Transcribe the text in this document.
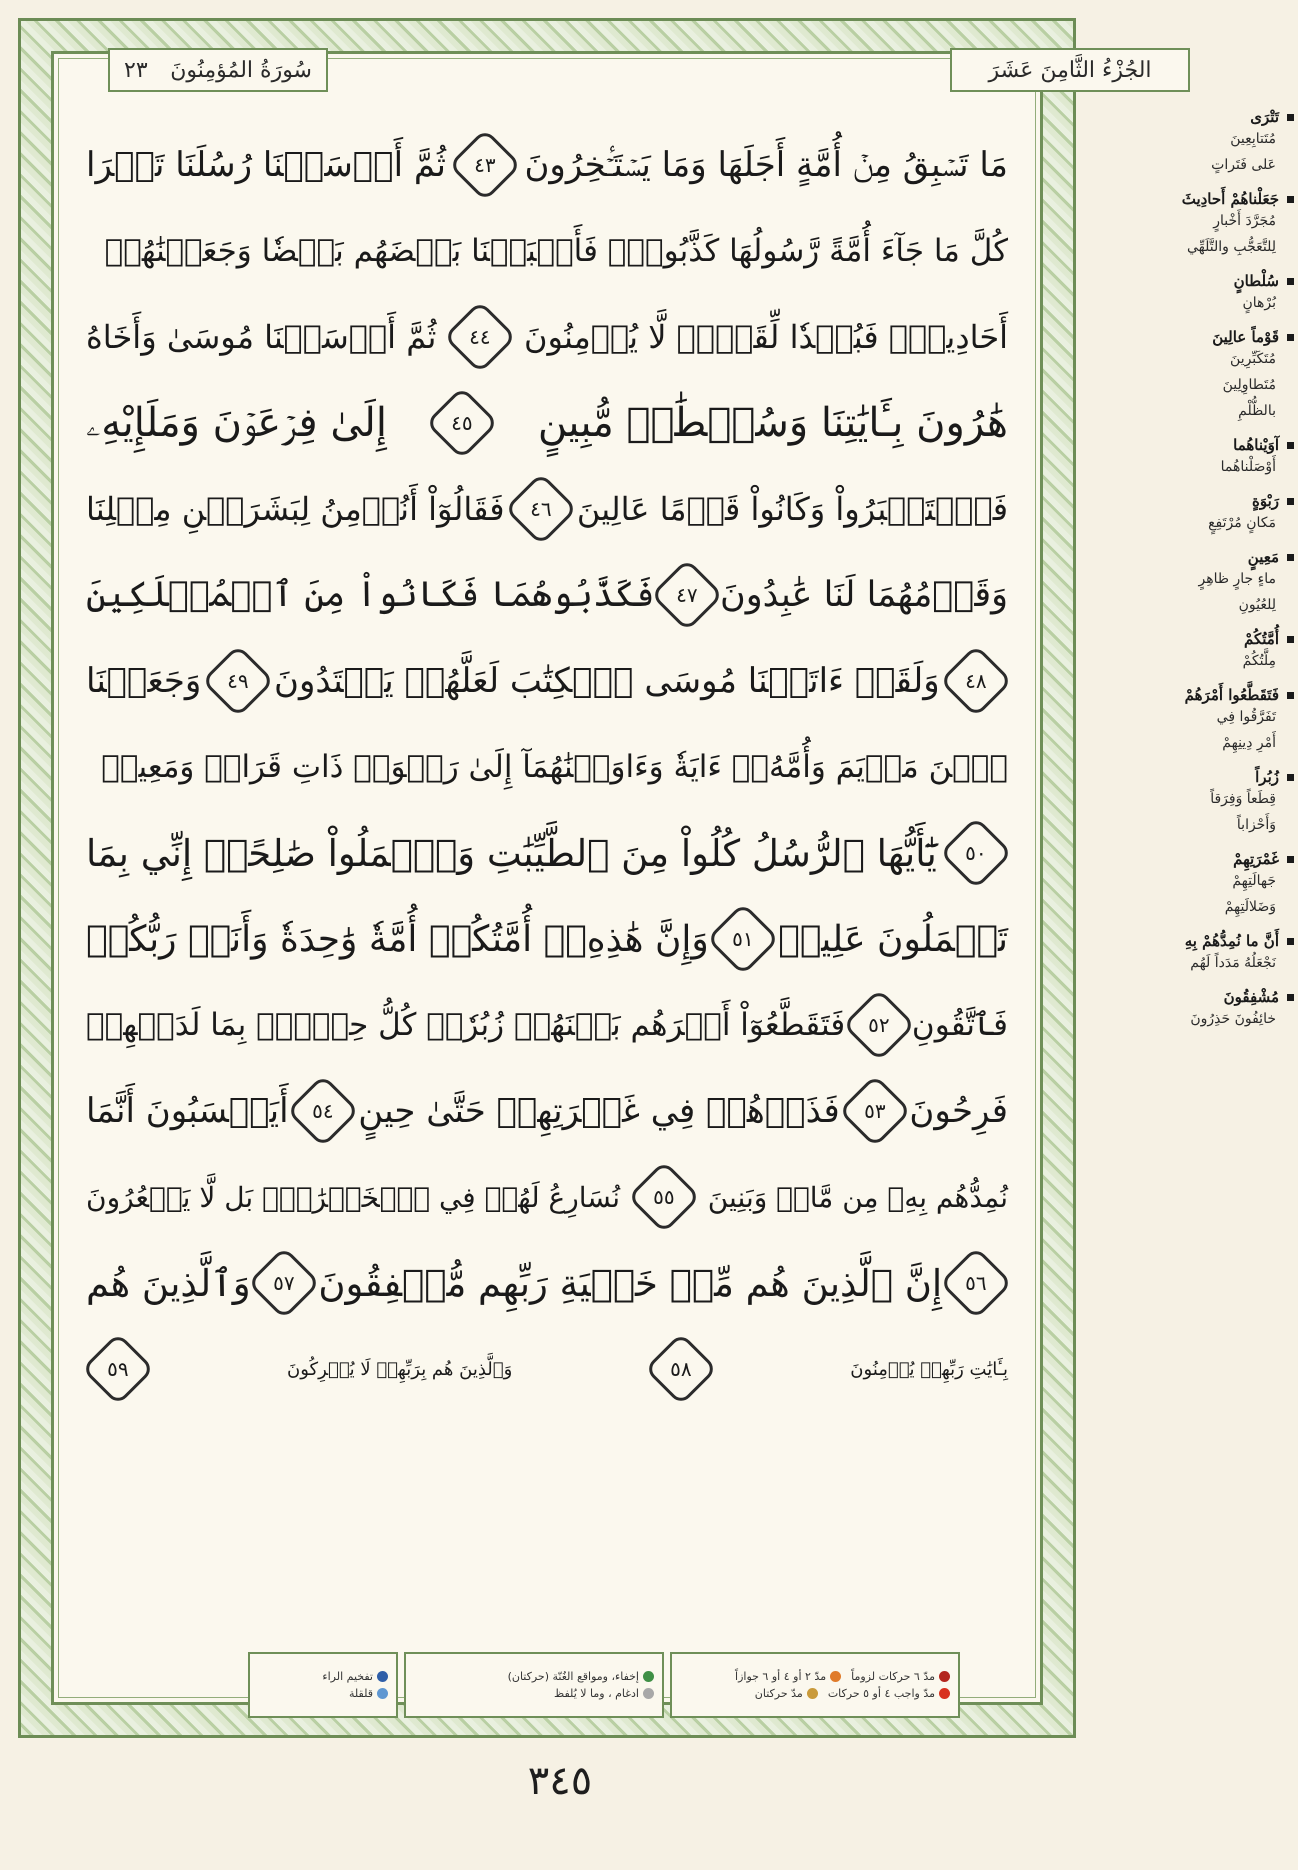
٢٣ سُورَةُ المُؤمِنُونَ	الجُزْءُ الثَّامِنَ عَشَرَ
مَا تَسۡبِقُ مِنۡ أُمَّةٍ أَجَلَهَا وَمَا يَسۡتَـٔۡخِرُونَ
٤٣
ثُمَّ أَرۡسَلۡنَا رُسُلَنَا تَتۡرَا
كُلَّ مَا جَآءَ أُمَّةً رَّسُولُهَا كَذَّبُوهُۖ فَأَتۡبَعۡنَا بَعۡضَهُم بَعۡضٗا وَجَعَلۡنَٰهُمۡ
أَحَادِيثَۚ فَبُعۡدٗا لِّقَوۡمٖ لَّا يُؤۡمِنُونَ
٤٤
ثُمَّ أَرۡسَلۡنَا مُوسَىٰ وَأَخَاهُ
هَٰرُونَ بِـَٔايَٰتِنَا وَسُلۡطَٰنٖ مُّبِينٍ
٤٥
إِلَىٰ فِرۡعَوۡنَ وَمَلَإِيْهِۦ
فَٱسۡتَكۡبَرُواْ وَكَانُواْ قَوۡمًا عَالِينَ
٤٦
فَقَالُوٓاْ أَنُؤۡمِنُ لِبَشَرَيۡنِ مِثۡلِنَا
وَقَوۡمُهُمَا لَنَا عَٰبِدُونَ
٤٧
فَكَذَّبُوهُمَا فَكَانُواْ مِنَ ٱلۡمُهۡلَكِينَ
٤٨
وَلَقَدۡ ءَاتَيۡنَا مُوسَى ٱلۡكِتَٰبَ لَعَلَّهُمۡ يَهۡتَدُونَ
٤٩
وَجَعَلۡنَا
ٱبۡنَ مَرۡيَمَ وَأُمَّهُۥٓ ءَايَةٗ وَءَاوَيۡنَٰهُمَآ إِلَىٰ رَبۡوَةٖ ذَاتِ قَرَارٖ وَمَعِينٖ
٥٠
يَٰٓأَيُّهَا ٱلرُّسُلُ كُلُواْ مِنَ ٱلطَّيِّبَٰتِ وَٱعۡمَلُواْ صَٰلِحًاۖ إِنِّي بِمَا
تَعۡمَلُونَ عَلِيمٞ
٥١
وَإِنَّ هَٰذِهِۦٓ أُمَّتُكُمۡ أُمَّةٗ وَٰحِدَةٗ وَأَنَا۠ رَبُّكُمۡ
فَٱتَّقُونِ
٥٢
فَتَقَطَّعُوٓاْ أَمۡرَهُم بَيۡنَهُمۡ زُبُرٗاۖ كُلُّ حِزۡبِۢ بِمَا لَدَيۡهِمۡ
فَرِحُونَ
٥٣
فَذَرۡهُمۡ فِي غَمۡرَتِهِمۡ حَتَّىٰ حِينٍ
٥٤
أَيَحۡسَبُونَ أَنَّمَا
نُمِدُّهُم بِهِۦ مِن مَّالٖ وَبَنِينَ
٥٥
نُسَارِعُ لَهُمۡ فِي ٱلۡخَيۡرَٰتِۚ بَل لَّا يَشۡعُرُونَ
٥٦
إِنَّ ٱلَّذِينَ هُم مِّنۡ خَشۡيَةِ رَبِّهِم مُّشۡفِقُونَ
٥٧
وَٱلَّذِينَ هُم
بِـَٔايَٰتِ رَبِّهِمۡ يُؤۡمِنُونَ
٥٨
وَٱلَّذِينَ هُم بِرَبِّهِمۡ لَا يُشۡرِكُونَ
٥٩
مدّ ٦ حركات لزوماً
مدّ ٢ أو ٤ أو ٦ جوازاً
مدّ واجب ٤ أو ٥ حركات
مدّ حركتان
إخفاء، ومواقع الغُنّة (حركتان)
ادغام ، وما لا يُلفظ
تفخيم الراء
قلقلة
٣٤٥
تَتْرَى
مُتَتابِعِينَ
عَلى فَتَراتٍ
جَعَلْناهُمْ أَحادِيثَ
مُجَرَّدَ أَخْبارٍ
لِلتَّعَجُّبِ والتَّلَهِّي
سُلْطانٍ
بُرْهانٍ
قَوْماً عالِينَ
مُتَكَبِّرِينَ
مُتَطاوِلِينَ
بالظُّلْمِ
آوَيْناهُما
أَوْصَلْناهُما
رَبْوَةٍ
مَكانٍ مُرْتَفِعٍ
مَعِينٍ
ماءٍ جارٍ ظاهِرٍ
لِلعُيُونِ
أُمَّتُكُمْ
مِلَّتُكُمْ
فَتَقَطَّعُوا أَمْرَهُمْ
تَفَرَّقُوا فِي
أَمْرِ دِينِهِمْ
زُبُراً
قِطَعاً وَفِرَقاً
وَأَحْزاباً
غَمْرَتِهِمْ
جَهالَتِهِمْ
وَضَلالَتِهِمْ
أَنَّ ما نُمِدُّهُمْ بِهِ
نَجْعَلُهُ مَدَداً لَهُم
مُشْفِقُونَ
خائِفُونَ حَذِرُونَ
